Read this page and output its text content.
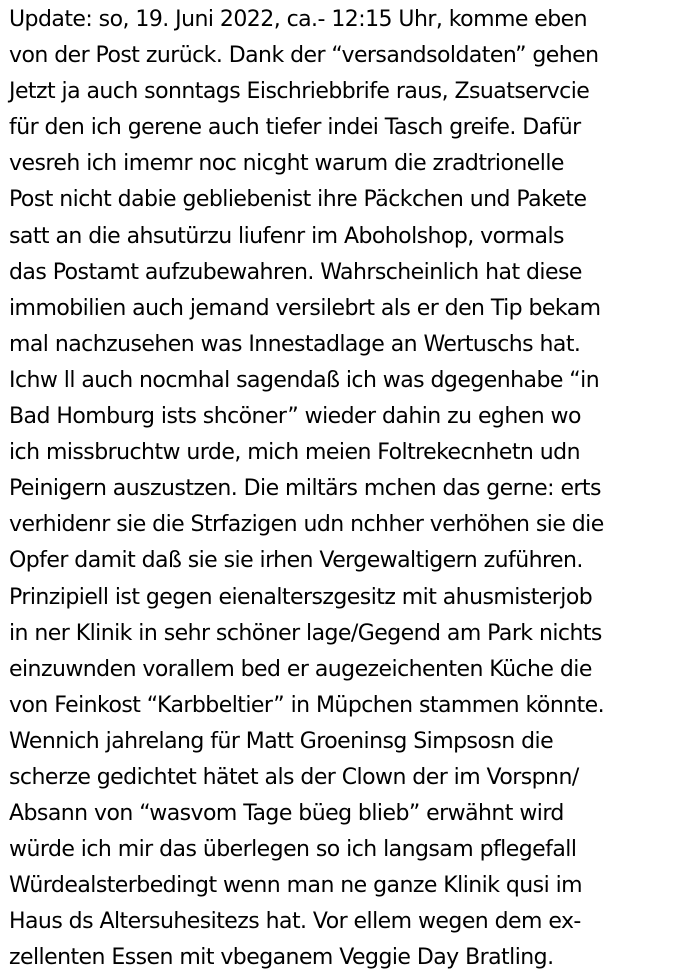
Update: so, 19. Juni 2022, ca.- 12:15 Uhr, komme eben
von der Post zurück. Dank der “versandsoldaten” gehen
Jetzt ja auch sonntags Eischriebbrife raus, Zsuatservcie
für den ich gerene auch tiefer indei Tasch greife. Dafür
vesreh ich imemr noc nicght warum die zradtrionelle
Post nicht dabie gebliebenist ihre Päckchen und Pakete
satt an die ahsutürzu liufenr im Aboholshop, vormals
das Postamt aufzubewahren. Wahrscheinlich hat diese
immobilien auch jemand versilebrt als er den Tip bekam
mal nachzusehen was Innestadlage an Wertuschs hat.
Ichw ll auch nocmhal sagendaß ich was dgegenhabe “in
Bad Homburg ists shcöner” wieder dahin zu eghen wo
ich missbruchtw urde, mich meien Foltrekecnhetn udn
Peinigern auszustzen. Die miltärs mchen das gerne: erts
verhidenr sie die Strfazigen udn nchher verhöhen sie die
Opfer damit daß sie sie irhen Vergewaltigern zuführen.
Prinzipiell ist gegen eienalterszgesitz mit ahusmisterjob
in ner Klinik in sehr schöner lage/Gegend am Park nichts
einzuwnden vorallem bed er augezeichenten Küche die
von Feinkost “Karbbeltier” in Müpchen stammen könnte.
Wennich jahrelang für Matt Groeninsg Simpsosn die
scherze gedichtet hätet als der Clown der im Vorspnn/
Absann von “wasvom Tage büeg blieb” erwähnt wird
würde ich mir das überlegen so ich langsam pflegefall
Würdealsterbedingt wenn man ne ganze Klinik qusi im
Haus ds Altersuhesitezs hat. Vor ellem wegen dem ex-
zellenten Essen mit vbeganem Veggie Day Bratling.
